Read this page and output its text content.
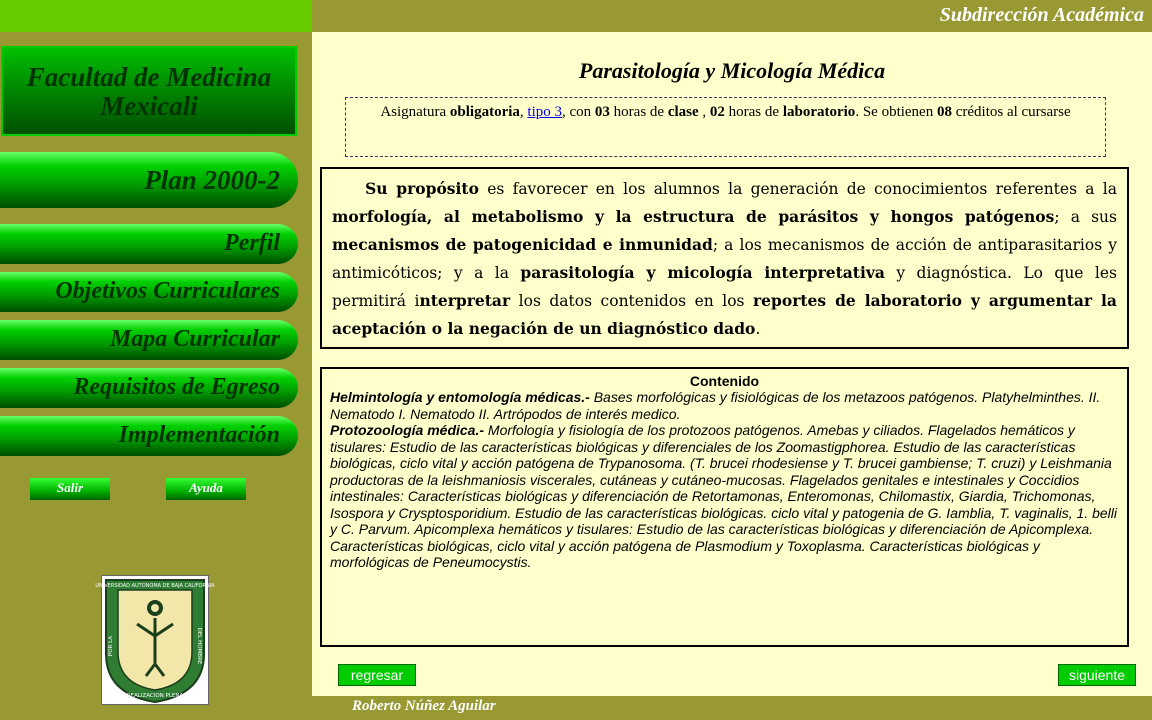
Subdirección Académica
Facultad de Medicina
Mexicali
Plan 2000-2
Perfil
Objetivos Curriculares
Mapa Curricular
Requisitos de Egreso
Implementación
Salir	Ayuda
UNIVERSIDAD AUTONOMA DE BAJA CALIFORNIA
POR LA	DEL HOMBRE
REALIZACION PLENA
Parasitología y Micología Médica
Asignatura obligatoria, tipo 3, con 03 horas de clase , 02 horas de laboratorio. Se obtienen 08 créditos al cursarse
Su propósito es favorecer en los alumnos la generación de conocimientos referentes a la morfología, al metabolismo y la estructura de parásitos y hongos patógenos; a sus mecanismos de patogenicidad e inmunidad; a los mecanismos de acción de antiparasitarios y antimicóticos; y a la parasitología y micología interpretativa y diagnóstica. Lo que les permitirá interpretar los datos contenidos en los reportes de laboratorio y argumentar la aceptación o la negación de un diagnóstico dado.
Contenido
Helmintología y entomología médicas.- Bases morfológicas y fisiológicas de los metazoos patógenos. Platyhelminthes. II. Nematodo I. Nematodo II. Artrópodos de interés medico.
Protozoología médica.- Morfología y fisiología de los protozoos patógenos. Amebas y ciliados. Flagelados hemáticos y tisulares: Estudio de las características biológicas y diferenciales de los Zoomastigphorea. Estudio de las características biológicas, ciclo vital y acción patógena de Trypanosoma. (T. brucei rhodesiense y T. brucei gambiense; T. cruzi) y Leishmania productoras de la leishmaniosis viscerales, cutáneas y cutáneo-mucosas. Flagelados genitales e intestinales y Coccidios intestinales: Características biológicas y diferenciación de Retortamonas, Enteromonas, Chilomastix, Giardia, Trichomonas, Isospora y Crysptosporidium. Estudio de las características biológicas. ciclo vital y patogenia de G. Iamblia, T. vaginalis, 1. belli y C. Parvum. Apicomplexa hemáticos y tisulares: Estudio de las características biológicas y diferenciación de Apicomplexa. Características biológicas, ciclo vital y acción patógena de Plasmodium y Toxoplasma. Características biológicas y morfológicas de Peneumocystis.
regresar	siguiente
Roberto Núñez Aguilar
